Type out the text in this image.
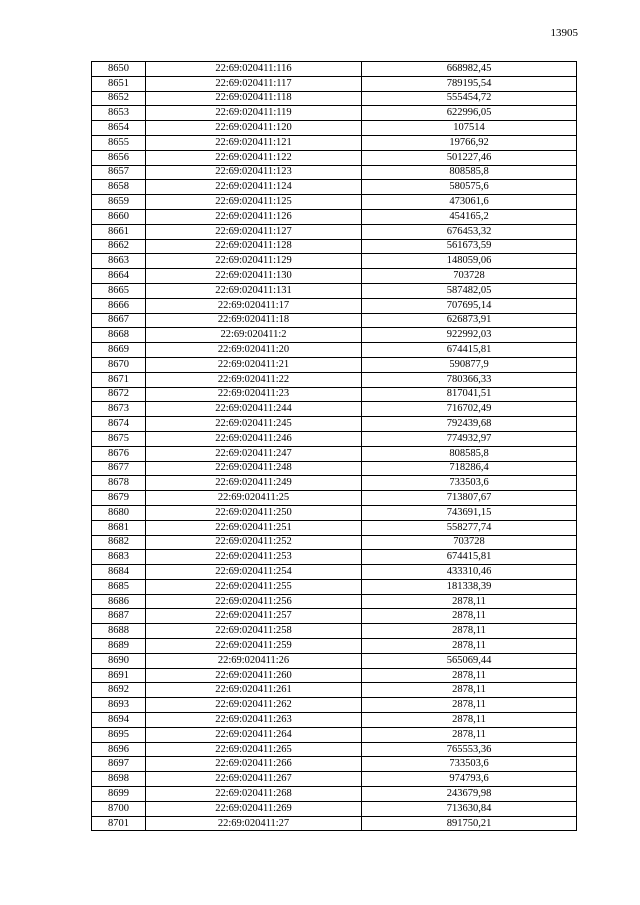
13905
8650	22:69:020411:116	668982,45
8651	22:69:020411:117	789195,54
8652	22:69:020411:118	555454,72
8653	22:69:020411:119	622996,05
8654	22:69:020411:120	107514
8655	22:69:020411:121	19766,92
8656	22:69:020411:122	501227,46
8657	22:69:020411:123	808585,8
8658	22:69:020411:124	580575,6
8659	22:69:020411:125	473061,6
8660	22:69:020411:126	454165,2
8661	22:69:020411:127	676453,32
8662	22:69:020411:128	561673,59
8663	22:69:020411:129	148059,06
8664	22:69:020411:130	703728
8665	22:69:020411:131	587482,05
8666	22:69:020411:17	707695,14
8667	22:69:020411:18	626873,91
8668	22:69:020411:2	922992,03
8669	22:69:020411:20	674415,81
8670	22:69:020411:21	590877,9
8671	22:69:020411:22	780366,33
8672	22:69:020411:23	817041,51
8673	22:69:020411:244	716702,49
8674	22:69:020411:245	792439,68
8675	22:69:020411:246	774932,97
8676	22:69:020411:247	808585,8
8677	22:69:020411:248	718286,4
8678	22:69:020411:249	733503,6
8679	22:69:020411:25	713807,67
8680	22:69:020411:250	743691,15
8681	22:69:020411:251	558277,74
8682	22:69:020411:252	703728
8683	22:69:020411:253	674415,81
8684	22:69:020411:254	433310,46
8685	22:69:020411:255	181338,39
8686	22:69:020411:256	2878,11
8687	22:69:020411:257	2878,11
8688	22:69:020411:258	2878,11
8689	22:69:020411:259	2878,11
8690	22:69:020411:26	565069,44
8691	22:69:020411:260	2878,11
8692	22:69:020411:261	2878,11
8693	22:69:020411:262	2878,11
8694	22:69:020411:263	2878,11
8695	22:69:020411:264	2878,11
8696	22:69:020411:265	765553,36
8697	22:69:020411:266	733503,6
8698	22:69:020411:267	974793,6
8699	22:69:020411:268	243679,98
8700	22:69:020411:269	713630,84
8701	22:69:020411:27	891750,21
